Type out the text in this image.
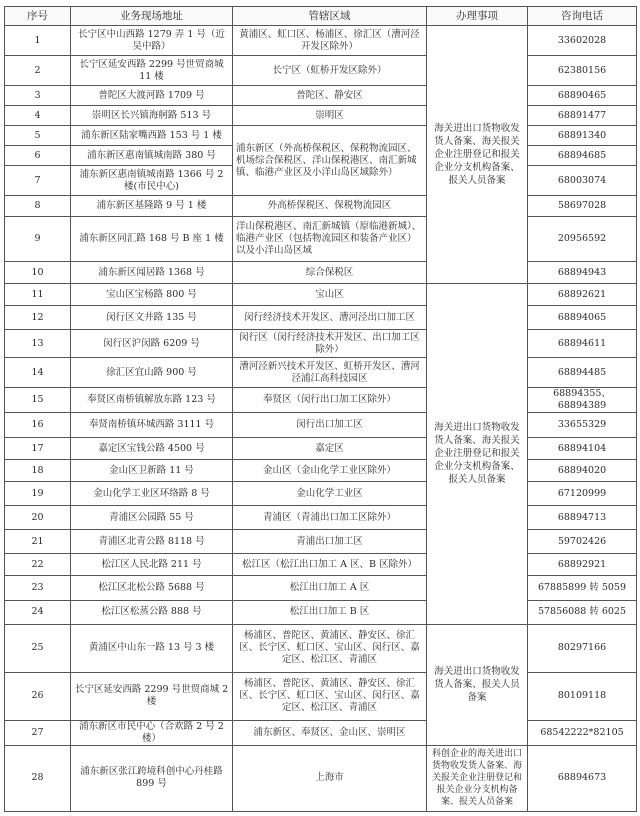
序号	业务现场地址	管辖区域	办理事项	咨询电话
1	长宁区中山西路 1279 弄 1 号（近吴中路）	黄浦区、虹口区、杨浦区、徐汇区（漕河泾开发区除外）	海关进出口货物收发货人备案、海关报关企业注册登记和报关企业分支机构备案、报关人员备案	33602028
2	长宁区延安西路 2299 号世贸商城 11 楼	长宁区（虹桥开发区除外）		62380156
3	普陀区大渡河路 1709 号	普陀区、静安区		68890465
4	崇明区长兴镇海舸路 513 号	崇明区		68891477
5	浦东新区陆家嘴西路 153 号 1 楼	浦东新区（外高桥保税区、保税物流园区、机场综合保税区、洋山保税港区、南汇新城镇、临港产业区及小洋山岛区域除外）		68891340
6	浦东新区惠南镇城南路 380 号			68894685
7	浦东新区惠南镇城南路 1366 号 2 楼(市民中心)			68003074
8	浦东新区基隆路 9 号 1 楼	外高桥保税区、保税物流园区		58697028
9	浦东新区同汇路 168 号 B 座 1 楼	洋山保税港区、南汇新城镇（原临港新城）、临港产业区（包括物流园区和装备产业区）以及小洋山岛区域		20956592
10	浦东新区闻居路 1368 号	综合保税区		68894943
11	宝山区宝杨路 800 号	宝山区	海关进出口货物收发货人备案、海关报关企业注册登记和报关企业分支机构备案、报关人员备案	68892621
12	闵行区文井路 135 号	闵行经济技术开发区、漕河泾出口加工区		68894065
13	闵行区沪闵路 6209 号	闵行区（闵行经济技术开发区、出口加工区除外）		68894611
14	徐汇区宜山路 900 号	漕河泾新兴技术开发区、虹桥开发区、漕河泾浦江高科技园区		68894485
15	奉贤区南桥镇解放东路 123 号	奉贤区（闵行出口加工区除外）		68894355、68894389
16	奉贤南桥镇环城西路 3111 号	闵行出口加工区		33655329
17	嘉定区宝钱公路 4500 号	嘉定区		68894104
18	金山区卫新路 11 号	金山区（金山化学工业区除外）		68894020
19	金山化学工业区环络路 8 号	金山化学工业区		67120999
20	青浦区公园路 55 号	青浦区（青浦出口加工区除外）		68894713
21	青浦区北青公路 8118 号	青浦出口加工区		59702426
22	松江区人民北路 211 号	松江区（松江出口加工 A 区、B 区除外）		68892921
23	松江区北松公路 5688 号	松江出口加工 A 区		67885899 转 5059
24	松江区松蒸公路 888 号	松江出口加工 B 区		57856088 转 6025
25	黄浦区中山东一路 13 号 3 楼	杨浦区、普陀区、黄浦区、静安区、徐汇区、长宁区、虹口区、宝山区、闵行区、嘉定区、松江区、青浦区	海关进出口货物收发货人备案、报关人员备案	80297166
26	长宁区延安西路 2299 号世贸商城 2 楼	杨浦区、普陀区、黄浦区、静安区、徐汇区、长宁区、虹口区、宝山区、闵行区、嘉定区、松江区、青浦区		80109118
27	浦东新区市民中心（合欢路 2 号 2 楼）	浦东新区、奉贤区、金山区、崇明区		68542222*82105
28	浦东新区张江跨境科创中心丹桂路 899 号	上海市	科创企业的海关进出口货物收发货人备案、海关报关企业注册登记和报关企业分支机构备案、报关人员备案	68894673
